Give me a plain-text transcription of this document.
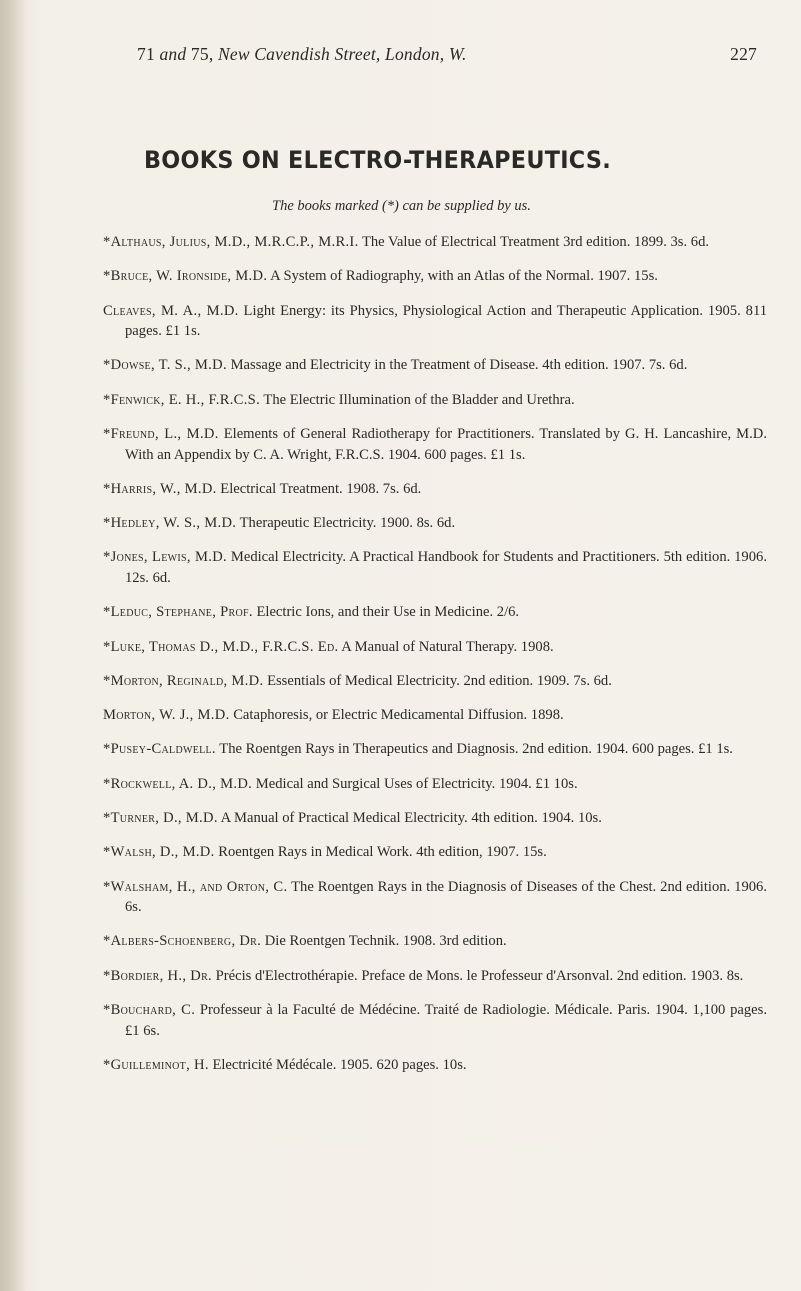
71 and 75, New Cavendish Street, London, W.	227
BOOKS ON ELECTRO-THERAPEUTICS.
The books marked (*) can be supplied by us.
*Althaus, Julius, M.D., M.R.C.P., M.R.I. The Value of Electrical Treatment 3rd edition. 1899. 3s. 6d.
*Bruce, W. Ironside, M.D. A System of Radiography, with an Atlas of the Normal. 1907. 15s.
Cleaves, M. A., M.D. Light Energy: its Physics, Physiological Action and Therapeutic Application. 1905. 811 pages. £1 1s.
*Dowse, T. S., M.D. Massage and Electricity in the Treatment of Disease. 4th edition. 1907. 7s. 6d.
*Fenwick, E. H., F.R.C.S. The Electric Illumination of the Bladder and Urethra.
*Freund, L., M.D. Elements of General Radiotherapy for Practitioners. Translated by G. H. Lancashire, M.D. With an Appendix by C. A. Wright, F.R.C.S. 1904. 600 pages. £1 1s.
*Harris, W., M.D. Electrical Treatment. 1908. 7s. 6d.
*Hedley, W. S., M.D. Therapeutic Electricity. 1900. 8s. 6d.
*Jones, Lewis, M.D. Medical Electricity. A Practical Handbook for Students and Practitioners. 5th edition. 1906. 12s. 6d.
*Leduc, Stephane, Prof. Electric Ions, and their Use in Medicine. 2/6.
*Luke, Thomas D., M.D., F.R.C.S. Ed. A Manual of Natural Therapy. 1908.
*Morton, Reginald, M.D. Essentials of Medical Electricity. 2nd edition. 1909. 7s. 6d.
Morton, W. J., M.D. Cataphoresis, or Electric Medicamental Diffusion. 1898.
*Pusey-Caldwell. The Roentgen Rays in Therapeutics and Diagnosis. 2nd edition. 1904. 600 pages. £1 1s.
*Rockwell, A. D., M.D. Medical and Surgical Uses of Electricity. 1904. £1 10s.
*Turner, D., M.D. A Manual of Practical Medical Electricity. 4th edition. 1904. 10s.
*Walsh, D., M.D. Roentgen Rays in Medical Work. 4th edition, 1907. 15s.
*Walsham, H., and Orton, C. The Roentgen Rays in the Diagnosis of Diseases of the Chest. 2nd edition. 1906. 6s.
*Albers-Schoenberg, Dr. Die Roentgen Technik. 1908. 3rd edition.
*Bordier, H., Dr. Précis d'Electrothérapie. Preface de Mons. le Professeur d'Arsonval. 2nd edition. 1903. 8s.
*Bouchard, C. Professeur à la Faculté de Médécine. Traité de Radiologie. Médicale. Paris. 1904. 1,100 pages. £1 6s.
*Guilleminot, H. Electricité Médécale. 1905. 620 pages. 10s.
